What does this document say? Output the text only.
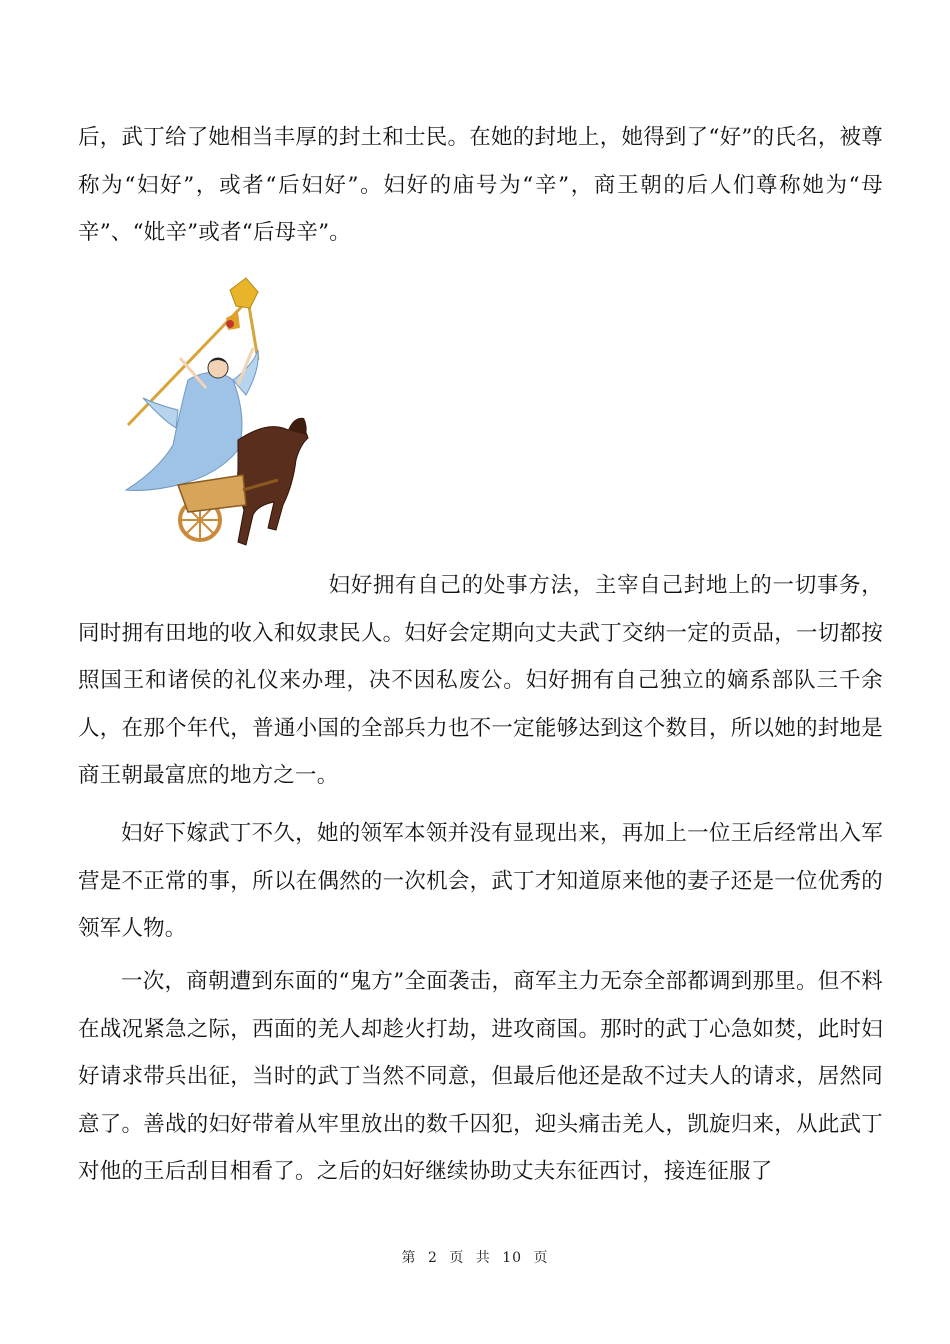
后，武丁给了她相当丰厚的封土和士民。在她的封地上，她得到了“好”的氏名，被尊称为“妇好”，或者“后妇好”。妇好的庙号为“辛”，商王朝的后人们尊称她为“母辛”、“妣辛”或者“后母辛”。

妇好拥有自己的处事方法，主宰自己封地上的一切事务，同时拥有田地的收入和奴隶民人。妇好会定期向丈夫武丁交纳一定的贡品，一切都按照国王和诸侯的礼仪来办理，决不因私废公。妇好拥有自己独立的嫡系部队三千余人，在那个年代，普通小国的全部兵力也不一定能够达到这个数目，所以她的封地是商王朝最富庶的地方之一。

妇好下嫁武丁不久，她的领军本领并没有显现出来，再加上一位王后经常出入军营是不正常的事，所以在偶然的一次机会，武丁才知道原来他的妻子还是一位优秀的领军人物。

一次，商朝遭到东面的“鬼方”全面袭击，商军主力无奈全部都调到那里。但不料在战况紧急之际，西面的羌人却趁火打劫，进攻商国。那时的武丁心急如焚，此时妇好请求带兵出征，当时的武丁当然不同意，但最后他还是敌不过夫人的请求，居然同意了。善战的妇好带着从牢里放出的数千囚犯，迎头痛击羌人，凯旋归来，从此武丁对他的王后刮目相看了。之后的妇好继续协助丈夫东征西讨，接连征服了

第 2 页 共 10 页
